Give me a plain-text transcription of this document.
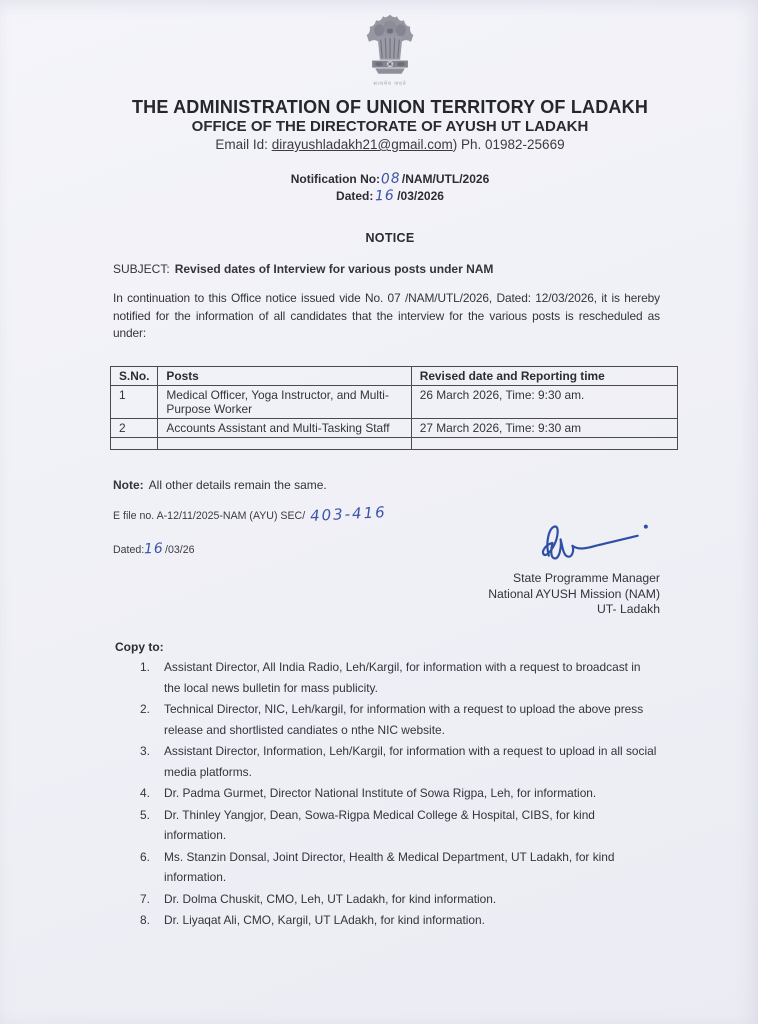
सत्यमेव जयते
THE ADMINISTRATION OF UNION TERRITORY OF LADAKH
OFFICE OF THE DIRECTORATE OF AYUSH UT LADAKH
Email Id: dirayushladakh21@gmail.com) Ph. 01982-25669
Notification No:08/NAM/UTL/2026
Dated: 16 /03/2026
NOTICE
SUBJECT: Revised dates of Interview for various posts under NAM

In continuation to this Office notice issued vide No. 07 /NAM/UTL/2026, Dated: 12/03/2026, it is hereby notified for the information of all candidates that the interview for the various posts is rescheduled as under:

S.No.	Posts	Revised date and Reporting time
1	Medical Officer, Yoga Instructor, and Multi-Purpose Worker	26 March 2026, Time: 9:30 am.
2	Accounts Assistant and Multi-Tasking Staff	27 March 2026, Time: 9:30 am

Note: All other details remain the same.
E file no. A-12/11/2025-NAM (AYU) SEC/ 403-416
Dated:16/03/26
State Programme Manager
National AYUSH Mission (NAM)
UT- Ladakh
Copy to:
Assistant Director, All India Radio, Leh/Kargil, for information with a request to broadcast in the local news bulletin for mass publicity.
Technical Director, NIC, Leh/kargil, for information with a request to upload the above press release and shortlisted candiates o nthe NIC website.
Assistant Director, Information, Leh/Kargil, for information with a request to upload in all social media platforms.
Dr. Padma Gurmet, Director National Institute of Sowa Rigpa, Leh, for information.
Dr. Thinley Yangjor, Dean, Sowa-Rigpa Medical College & Hospital, CIBS, for kind information.
Ms. Stanzin Donsal, Joint Director, Health & Medical Department, UT Ladakh, for kind information.
Dr. Dolma Chuskit, CMO, Leh, UT Ladakh, for kind information.
Dr. Liyaqat Ali, CMO, Kargil, UT LAdakh, for kind information.
